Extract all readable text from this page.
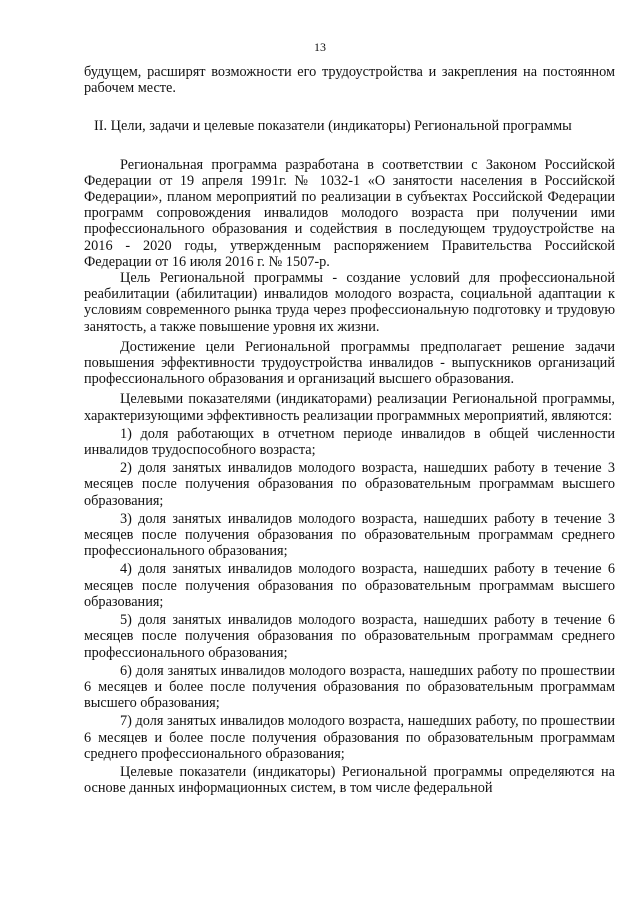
13

будущем, расширят возможности его трудоустройства и закрепления на постоянном рабочем месте.

II. Цели, задачи и целевые показатели (индикаторы) Региональной программы

Региональная программа разработана в соответствии с Законом Российской Федерации от 19 апреля 1991г. № 1032-1 «О занятости населения в Российской Федерации», планом мероприятий по реализации в субъектах Российской Федерации программ сопровождения инвалидов молодого возраста при получении ими профессионального образования и содействия в последующем трудоустройстве на 2016 - 2020 годы, утвержденным распоряжением Правительства Российской Федерации от 16 июля 2016 г. № 1507-р.

Цель Региональной программы - создание условий для профессиональной реабилитации (абилитации) инвалидов молодого возраста, социальной адаптации к условиям современного рынка труда через профессиональную подготовку и трудовую занятость, а также повышение уровня их жизни.

Достижение цели Региональной программы предполагает решение задачи повышения эффективности трудоустройства инвалидов - выпускников организаций профессионального образования и организаций высшего образования.

Целевыми показателями (индикаторами) реализации Региональной программы, характеризующими эффективность реализации программных мероприятий, являются:

1) доля работающих в отчетном периоде инвалидов в общей численности инвалидов трудоспособного возраста;

2) доля занятых инвалидов молодого возраста, нашедших работу в течение 3 месяцев после получения образования по образовательным программам высшего образования;

3) доля занятых инвалидов молодого возраста, нашедших работу в течение 3 месяцев после получения образования по образовательным программам среднего профессионального образования;

4) доля занятых инвалидов молодого возраста, нашедших работу в течение 6 месяцев после получения образования по образовательным программам высшего образования;

5) доля занятых инвалидов молодого возраста, нашедших работу в течение 6 месяцев после получения образования по образовательным программам среднего профессионального образования;

6) доля занятых инвалидов молодого возраста, нашедших работу по прошествии 6 месяцев и более после получения образования по образовательным программам высшего образования;

7) доля занятых инвалидов молодого возраста, нашедших работу, по прошествии 6 месяцев и более после получения образования по образовательным программам среднего профессионального образования;

Целевые показатели (индикаторы) Региональной программы определяются на основе данных информационных систем, в том числе федеральной
